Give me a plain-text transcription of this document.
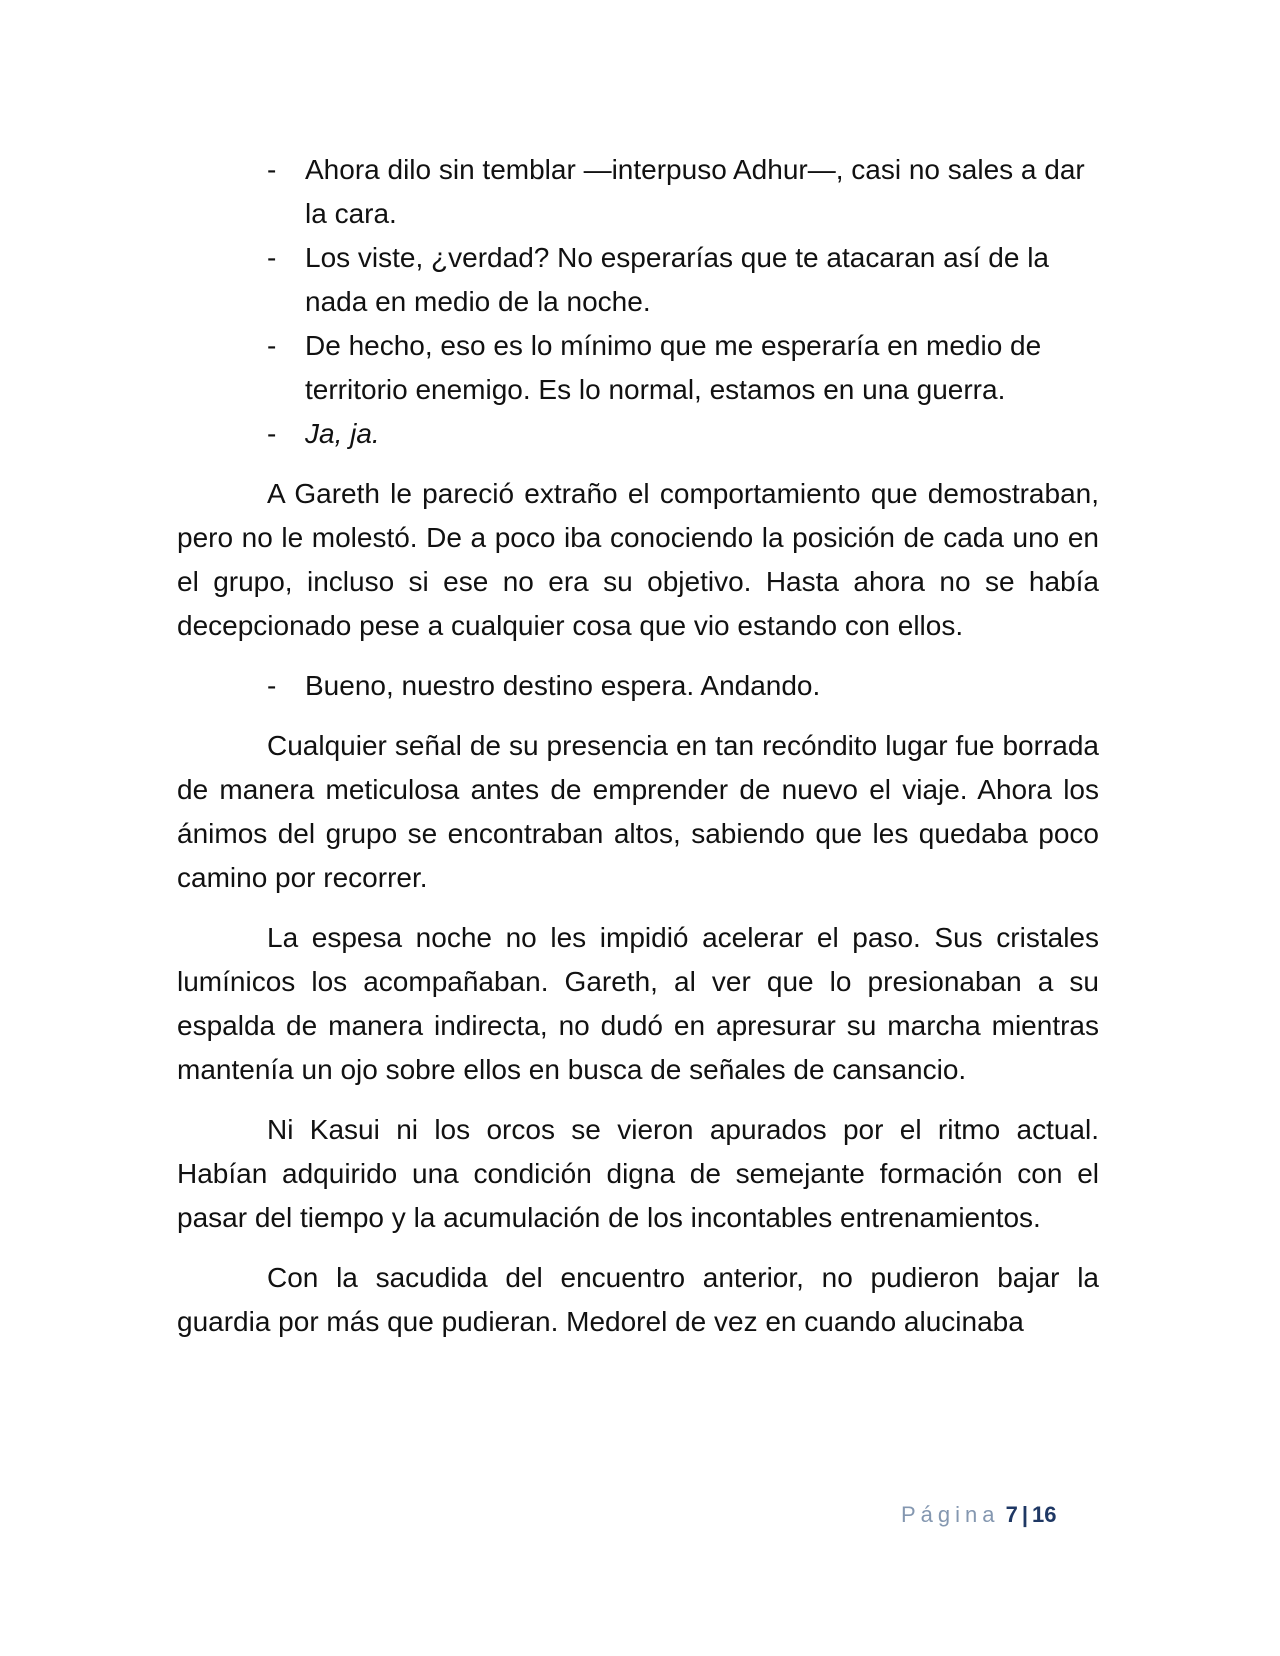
- Ahora dilo sin temblar —interpuso Adhur—, casi no sales a dar la cara.
- Los viste, ¿verdad? No esperarías que te atacaran así de la nada en medio de la noche.
- De hecho, eso es lo mínimo que me esperaría en medio de territorio enemigo. Es lo normal, estamos en una guerra.
- Ja, ja.

A Gareth le pareció extraño el comportamiento que demostraban, pero no le molestó. De a poco iba conociendo la posición de cada uno en el grupo, incluso si ese no era su objetivo. Hasta ahora no se había decepcionado pese a cualquier cosa que vio estando con ellos.

- Bueno, nuestro destino espera. Andando.

Cualquier señal de su presencia en tan recóndito lugar fue borrada de manera meticulosa antes de emprender de nuevo el viaje. Ahora los ánimos del grupo se encontraban altos, sabiendo que les quedaba poco camino por recorrer.

La espesa noche no les impidió acelerar el paso. Sus cristales lumínicos los acompañaban. Gareth, al ver que lo presionaban a su espalda de manera indirecta, no dudó en apresurar su marcha mientras mantenía un ojo sobre ellos en busca de señales de cansancio.

Ni Kasui ni los orcos se vieron apurados por el ritmo actual. Habían adquirido una condición digna de semejante formación con el pasar del tiempo y la acumulación de los incontables entrenamientos.

Con la sacudida del encuentro anterior, no pudieron bajar la guardia por más que pudieran. Medorel de vez en cuando alucinaba

Página 7 | 16
